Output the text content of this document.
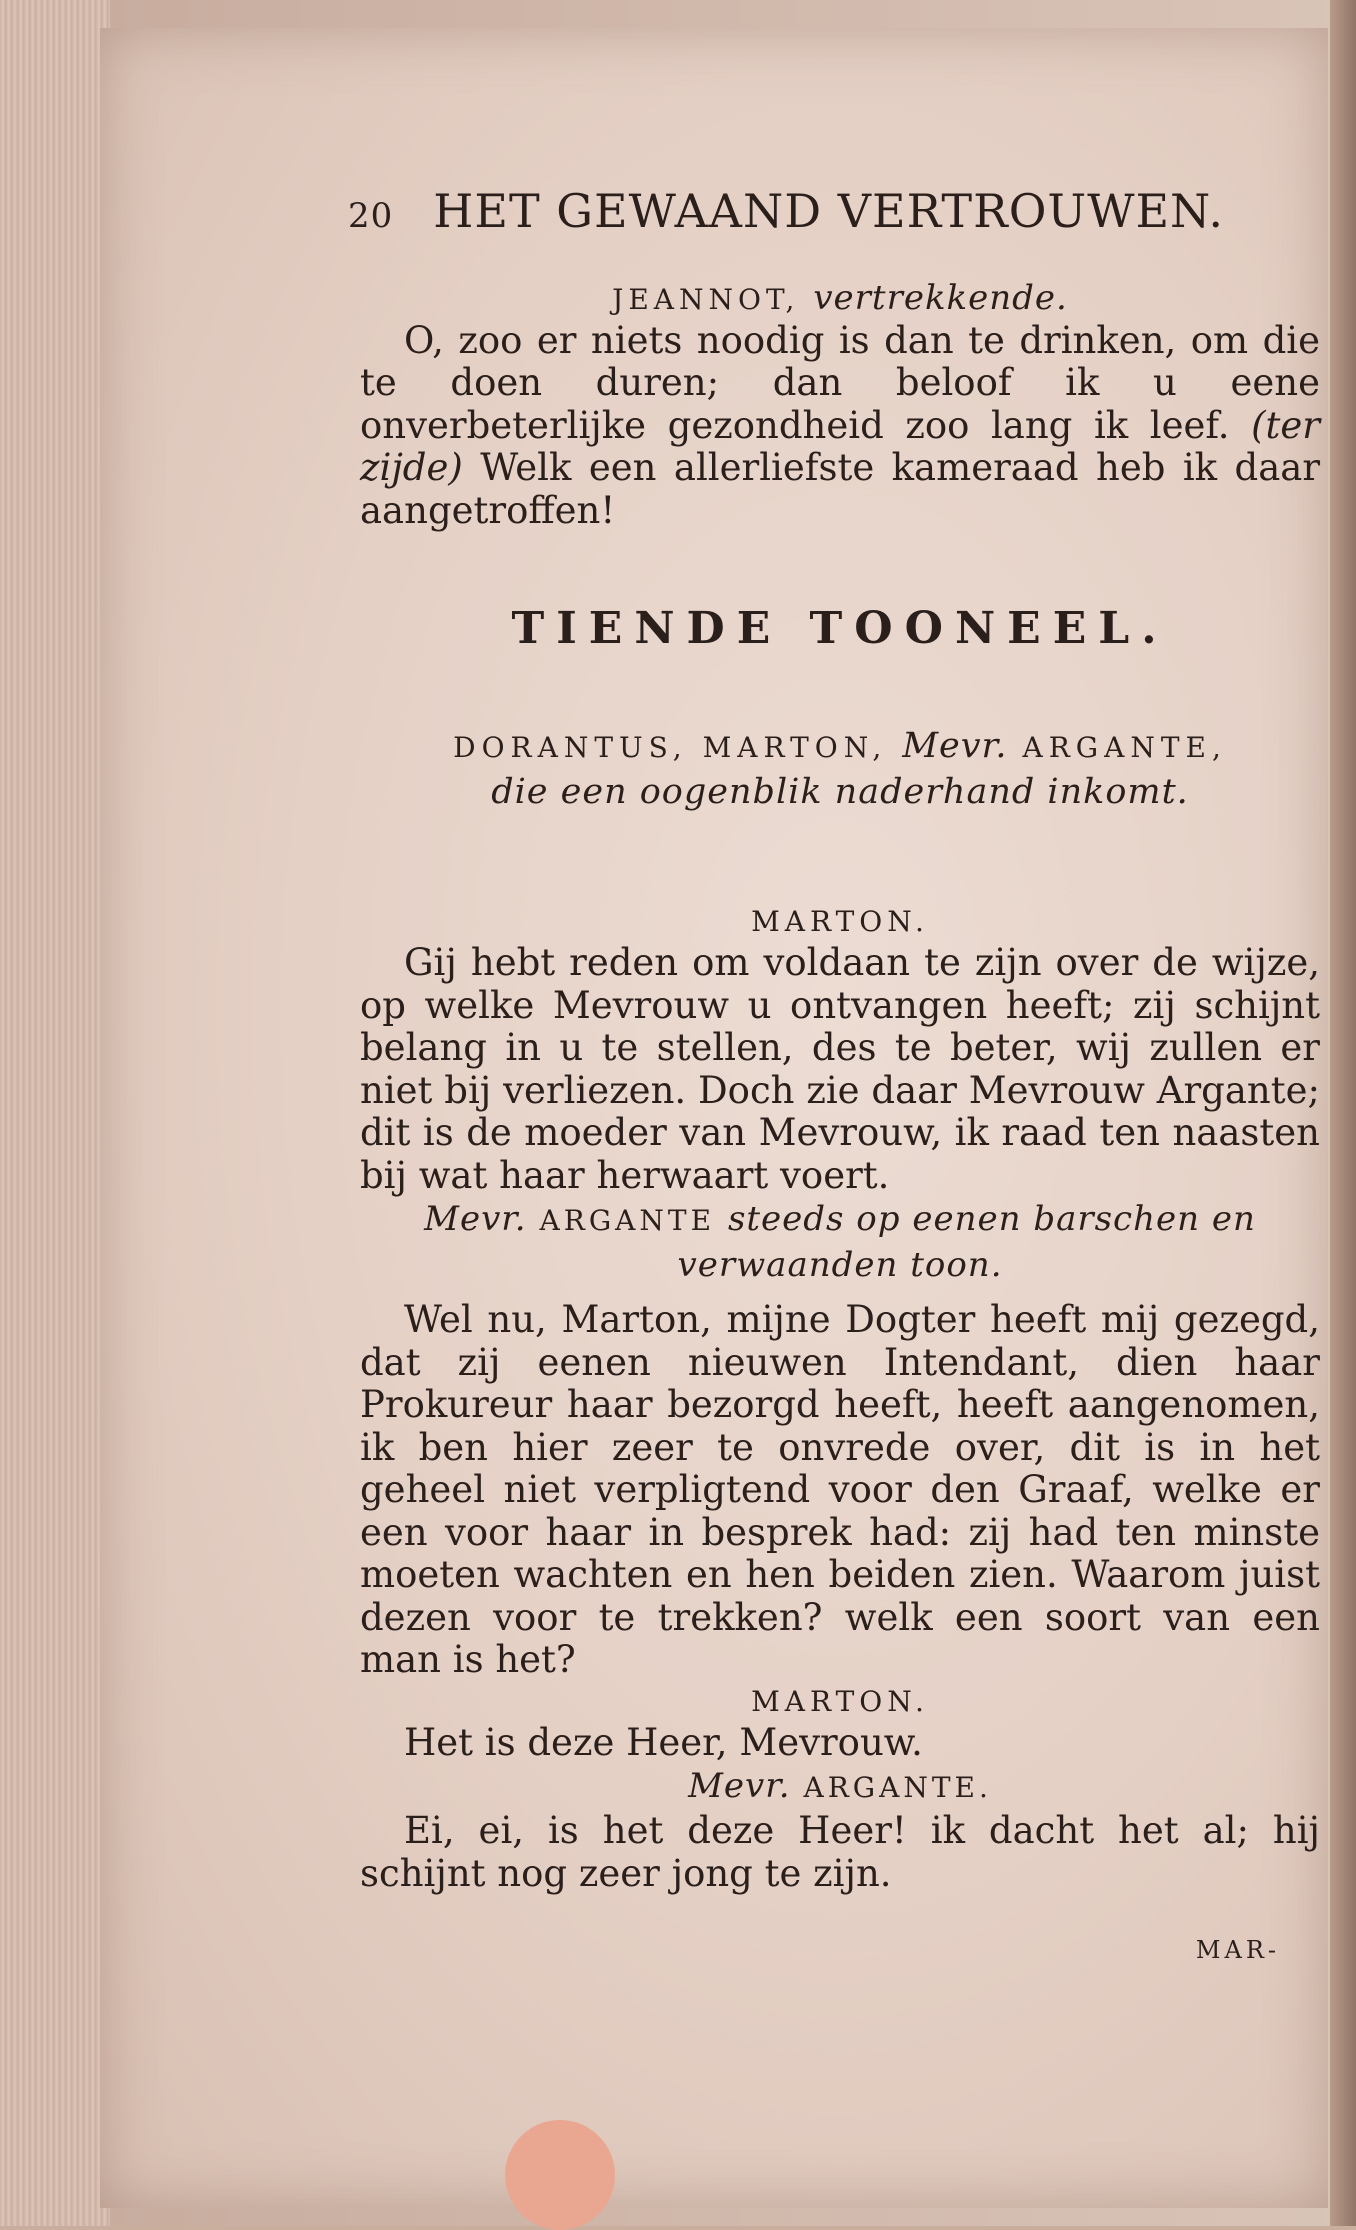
20 HET GEWAAND VERTROUWEN.

JEANNOT, vertrekkende.

O, zoo er niets noodig is dan te drinken, om die te doen duren; dan beloof ik u eene onverbeterlijke gezondheid zoo lang ik leef. (ter zijde) Welk een allerliefste kameraad heb ik daar aangetroffen!

TIENDE TOONEEL.

DORANTUS, MARTON, Mevr. ARGANTE,
die een oogenblik naderhand inkomt.

MARTON.

Gij hebt reden om voldaan te zijn over de wijze, op welke Mevrouw u ontvangen heeft; zij schijnt belang in u te stellen, des te beter, wij zullen er niet bij verliezen. Doch zie daar Mevrouw Argante; dit is de moeder van Mevrouw, ik raad ten naasten bij wat haar herwaart voert.

Mevr. ARGANTE steeds op eenen barschen en verwaanden toon.

Wel nu, Marton, mijne Dogter heeft mij gezegd, dat zij eenen nieuwen Intendant, dien haar Prokureur haar bezorgd heeft, heeft aangenomen, ik ben hier zeer te onvrede over, dit is in het geheel niet verpligtend voor den Graaf, welke er een voor haar in besprek had: zij had ten minste moeten wachten en hen beiden zien. Waarom juist dezen voor te trekken? welk een soort van een man is het?

MARTON.

Het is deze Heer, Mevrouw.

Mevr. ARGANTE.

Ei, ei, is het deze Heer! ik dacht het al; hij schijnt nog zeer jong te zijn.

MAR-
